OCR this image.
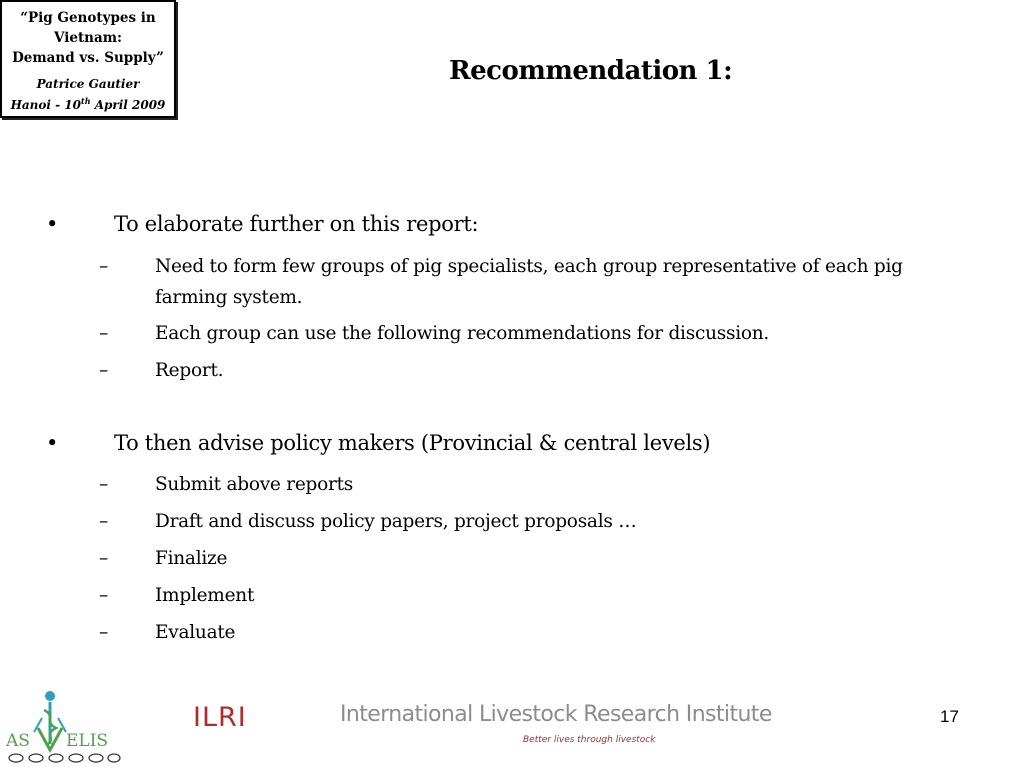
“Pig Genotypes in
Vietnam:
Demand vs. Supply”
Patrice Gautier
Hanoi - 10th April 2009
Recommendation 1:
•	To elaborate further on this report:
–	Need to form few groups of pig specialists, each group representative of each pig farming system.
–	Each group can use the following recommendations for discussion.
–	Report.
•	To then advise policy makers (Provincial & central levels)
–	Submit above reports
–	Draft and discuss policy papers, project proposals …
–	Finalize
–	Implement
–	Evaluate
AS ELIS
ILRI	International Livestock Research Institute
Better lives through livestock
17
